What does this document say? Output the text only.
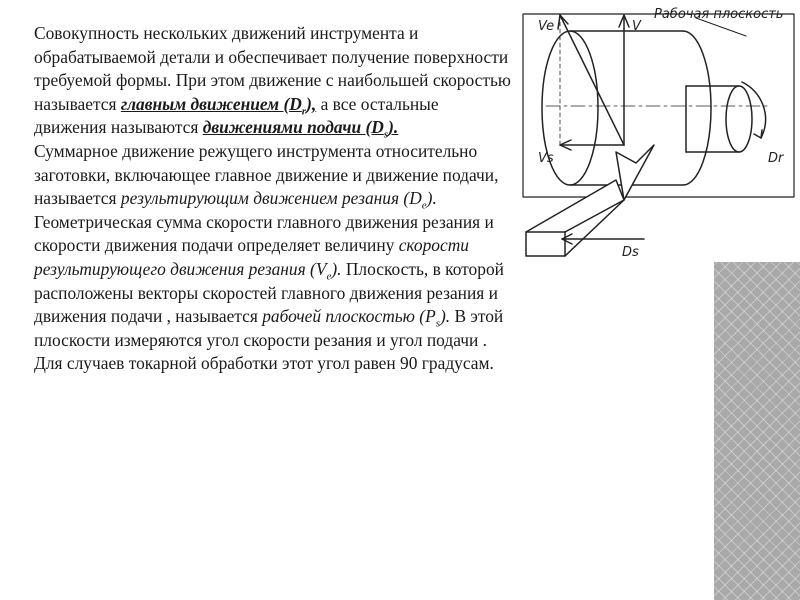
Совокупность нескольких движений инструмента и обрабатываемой детали и обеспечивает получение поверхности требуемой формы. При этом движение с наибольшей скоростью называется главным движением $(D_r)$, а все остальные движения называются движениями подачи $(D_s)$.
Суммарное движение режущего инструмента относительно заготовки, включающее главное движение и движение подачи, называется результирующим движением резания $(D_e)$. Геометрическая сумма скорости главного движения резания и скорости движения подачи определяет величину скорости результирующего движения резания $(V_e)$. Плоскость, в которой расположены векторы скоростей главного движения резания и движения подачи , называется рабочей плоскостью $(P_s)$. В этой плоскости измеряются угол скорости резания и угол подачи . Для случаев токарной обработки этот угол равен 90 градусам.
Рабочая плоскость
Ve	V
Vs	Dr
Ds
